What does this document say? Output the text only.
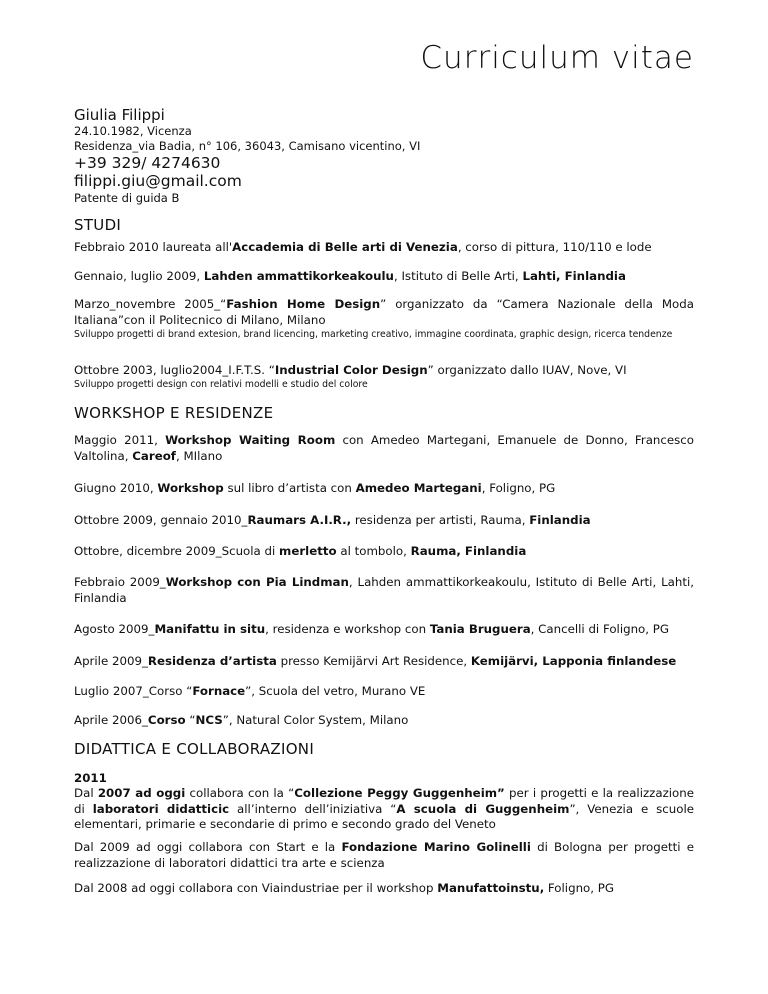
Curriculum vitae
Giulia Filippi
24.10.1982, Vicenza
Residenza_via Badia, n° 106, 36043, Camisano vicentino, VI
+39 329/ 4274630
filippi.giu@gmail.com
Patente di guida B
STUDI
Febbraio 2010 laureata all'Accademia di Belle arti di Venezia, corso di pittura, 110/110 e lode
Gennaio, luglio 2009, Lahden ammattikorkeakoulu, Istituto di Belle Arti, Lahti, Finlandia
Marzo_novembre 2005_“Fashion Home Design” organizzato da “Camera Nazionale della Moda Italiana”con il Politecnico di Milano, Milano
Sviluppo progetti di brand extesion, brand licencing, marketing creativo, immagine coordinata, graphic design, ricerca tendenze
Ottobre 2003, luglio2004_I.F.T.S. “Industrial Color Design” organizzato dallo IUAV, Nove, VI
Sviluppo progetti design con relativi modelli e studio del colore
WORKSHOP E RESIDENZE
Maggio 2011, Workshop Waiting Room con Amedeo Martegani, Emanuele de Donno, Francesco Valtolina, Careof, MIlano
Giugno 2010, Workshop sul libro d’artista con Amedeo Martegani, Foligno, PG
Ottobre 2009, gennaio 2010_Raumars A.I.R., residenza per artisti, Rauma, Finlandia
Ottobre, dicembre 2009_Scuola di merletto al tombolo, Rauma, Finlandia
Febbraio 2009_Workshop con Pia Lindman, Lahden ammattikorkeakoulu, Istituto di Belle Arti, Lahti, Finlandia
Agosto 2009_Manifattu in situ, residenza e workshop con Tania Bruguera, Cancelli di Foligno, PG
Aprile 2009_Residenza d’artista presso Kemijärvi Art Residence, Kemijärvi, Lapponia finlandese
Luglio 2007_Corso “Fornace”, Scuola del vetro, Murano VE
Aprile 2006_Corso “NCS”, Natural Color System, Milano
DIDATTICA E COLLABORAZIONI
2011
Dal 2007 ad oggi collabora con la “Collezione Peggy Guggenheim” per i progetti e la realizzazione di laboratori didatticic all’interno dell’iniziativa “A scuola di Guggenheim”, Venezia e scuole elementari, primarie e secondarie di primo e secondo grado del Veneto
Dal 2009 ad oggi collabora con Start e la Fondazione Marino Golinelli di Bologna per progetti e realizzazione di laboratori didattici tra arte e scienza
Dal 2008 ad oggi collabora con Viaindustriae per il workshop Manufattoinstu, Foligno, PG
